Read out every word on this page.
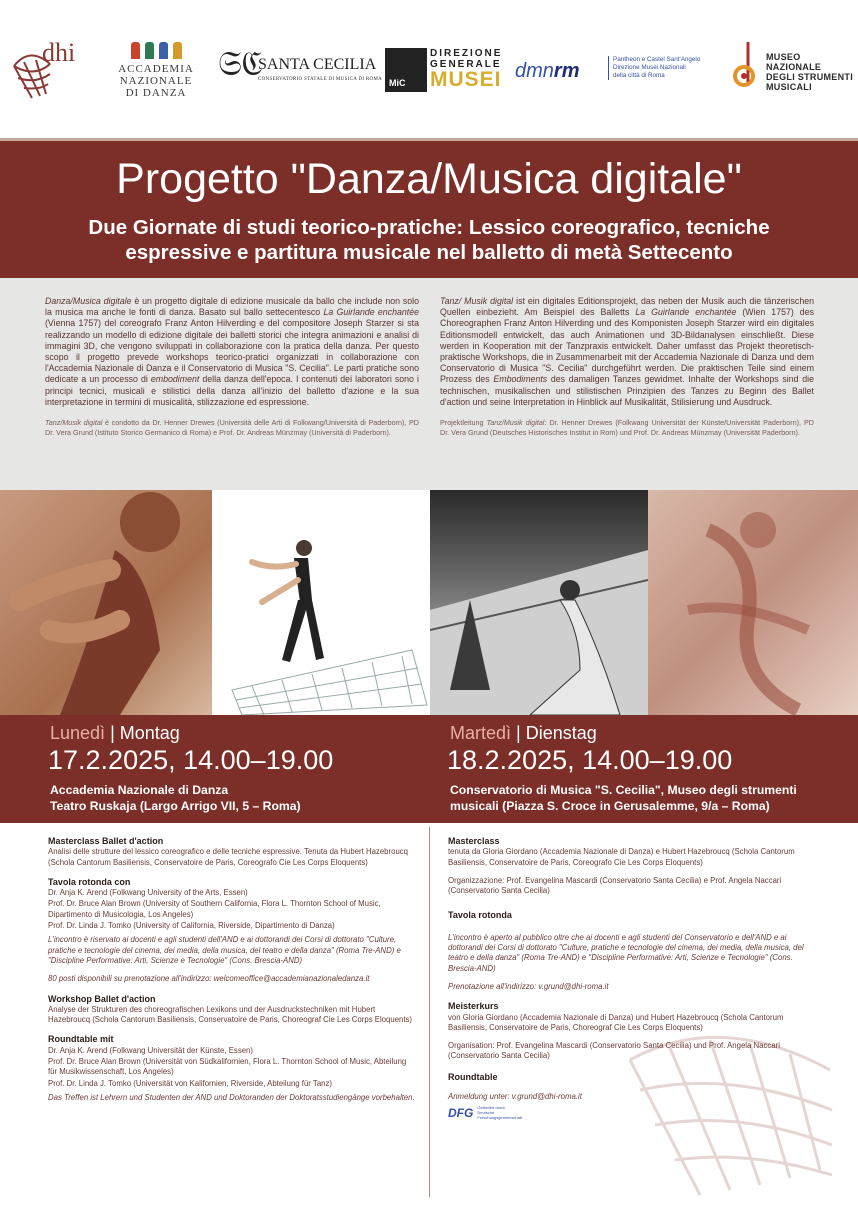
dhi
ACCADEMIA
NAZIONALE
DI DANZA
𝔖ℭ
SANTA CECILIA
CONSERVATORIO STATALE DI MUSICA DI ROMA MiC
DIREZIONE
GENERALE
MUSEI dmnrm
Pantheon e Castel Sant'Angelo
Direzione Musei Nazionali
della città di Roma
MUSEO
NAZIONALE
DEGLI STRUMENTI
MUSICALI
Progetto "Danza/Musica digitale"
Due Giornate di studi teorico-pratiche: Lessico coreografico, tecniche espressive e partitura musicale nel balletto di metà Settecento

Danza/Musica digitale è un progetto digitale di edizione musicale da ballo che include non solo la musica ma anche le fonti di danza. Basato sul ballo settecentesco La Guirlande enchantée (Vienna 1757) del coreografo Franz Anton Hilverding e del compositore Joseph Starzer si sta realizzando un modello di edizione digitale dei balletti storici che integra animazioni e analisi di immagini 3D, che vengono sviluppati in collaborazione con la pratica della danza. Per questo scopo il progetto prevede workshops teorico-pratici organizzati in collaborazione con l'Accademia Nazionale di Danza e il Conservatorio di Musica "S. Cecilia". Le parti pratiche sono dedicate a un processo di embodiment della danza dell'epoca. I contenuti dei laboratori sono i principi tecnici, musicali e stilistici della danza all'inizio del balletto d'azione e la sua interpretazione in termini di musicalità, stilizzazione ed espressione.

Tanz/Musik digital è condotto da Dr. Henner Drewes (Università delle Arti di Folkwang/Università di Paderborn), PD Dr. Vera Grund (Istituto Storico Germanico di Roma) e Prof. Dr. Andreas Münzmay (Università di Paderborn).

Tanz/ Musik digital ist ein digitales Editionsprojekt, das neben der Musik auch die tänzerischen Quellen einbezieht. Am Beispiel des Balletts La Guirlande enchantée (Wien 1757) des Choreographen Franz Anton Hilverding und des Komponisten Joseph Starzer wird ein digitales Editionsmodell entwickelt, das auch Animationen und 3D-Bildanalysen einschließt. Diese werden in Kooperation mit der Tanzpraxis entwickelt. Daher umfasst das Projekt theoretisch-praktische Workshops, die in Zusammenarbeit mit der Accademia Nazionale di Danza und dem Conservatorio di Musica "S. Cecilia" durchgeführt werden. Die praktischen Teile sind einem Prozess des Embodiments des damaligen Tanzes gewidmet. Inhalte der Workshops sind die technischen, musikalischen und stilistischen Prinzipien des Tanzes zu Beginn des Ballet d'action und seine Interpretation in Hinblick auf Musikalität, Stilisierung und Ausdruck.

Projektleitung Tanz/Musik digital: Dr. Henner Drewes (Folkwang Universität der Künste/Universität Paderborn), PD Dr. Vera Grund (Deutsches Historisches Institut in Rom) und Prof. Dr. Andreas Münzmay (Universität Paderborn).

Lunedì | Montag
17.2.2025, 14.00–19.00
Accademia Nazionale di Danza
Teatro Ruskaja (Largo Arrigo VII, 5 – Roma)
Martedì | Dienstag
18.2.2025, 14.00–19.00
Conservatorio di Musica "S. Cecilia", Museo degli strumenti
musicali (Piazza S. Croce in Gerusalemme, 9/a – Roma)
Masterclass Ballet d'action

Analisi delle strutture del lessico coreografico e delle tecniche espressive. Tenuta da Hubert Hazebroucq (Schola Cantorum Basiliensis, Conservatoire de Paris, Coreografo Cie Les Corps Eloquents)

Tavola rotonda con

Dr. Anja K. Arend (Folkwang University of the Arts, Essen)

Prof. Dr. Bruce Alan Brown (University of Southern California, Flora L. Thornton School of Music, Dipartimento di Musicologia, Los Angeles)

Prof. Dr. Linda J. Tomko (University of California, Riverside, Dipartimento di Danza)

L'incontro è riservato ai docenti e agli studenti dell'AND e ai dottorandi dei Corsi di dottorato "Culture, pratiche e tecnologie del cinema, dei media, della musica, del teatro e della danza" (Roma Tre-AND) e "Discipline Performative: Arti, Scienze e Tecnologie" (Cons. Brescia-AND)

80 posti disponibili su prenotazione all'indirizzo: welcomeoffice@accademianazionaledanza.it

Workshop Ballet d'action

Analyse der Strukturen des choreografischen Lexikons und der Ausdruckstechniken mit Hubert Hazebroucq (Schola Cantorum Basiliensis, Conservatoire de Paris, Choreograf Cie Les Corps Eloquents)

Roundtable mit

Dr. Anja K. Arend (Folkwang Universität der Künste, Essen)

Prof. Dr. Bruce Alan Brown (Universität von Südkalifornien, Flora L. Thornton School of Music, Abteilung für Musikwissenschaft, Los Angeles)

Prof. Dr. Linda J. Tomko (Universität von Kalifornien, Riverside, Abteilung für Tanz)

Das Treffen ist Lehrern und Studenten der AND und Doktoranden der Doktoratsstudiengänge vorbehalten.

Masterclass

tenuta da Gloria Giordano (Accademia Nazionale di Danza) e Hubert Hazebroucq (Schola Cantorum Basiliensis, Conservatoire de Paris, Coreografo Cie Les Corps Eloquents)

Organizzazione: Prof. Evangelina Mascardi (Conservatorio Santa Cecilia) e Prof. Angela Naccari (Conservatorio Santa Cecilia)

Tavola rotonda

L'incontro è aperto al pubblico oltre che ai docenti e agli studenti del Conservatorio e dell'AND e ai dottorandi dei Corsi di dottorato "Culture, pratiche e tecnologie del cinema, dei media, della musica, del teatro e della danza" (Roma Tre-AND) e "Discipline Performative: Arti, Scienze e Tecnologie" (Cons. Brescia-AND)

Prenotazione all'indirizzo: v.grund@dhi-roma.it

Meisterkurs

von Gloria Giordano (Accademia Nazionale di Danza) und Hubert Hazebroucq (Schola Cantorum Basiliensis, Conservatoire de Paris, Choreograf Cie Les Corps Eloquents)

Organisation: Prof. Evangelina Mascardi (Conservatorio Santa Cecilia) und Prof. Angela Naccari (Conservatorio Santa Cecilia)

Roundtable

Anmeldung unter: v.grund@dhi-roma.it

DFG Gefördert durch
Deutsche
Forschungsgemeinschaft
